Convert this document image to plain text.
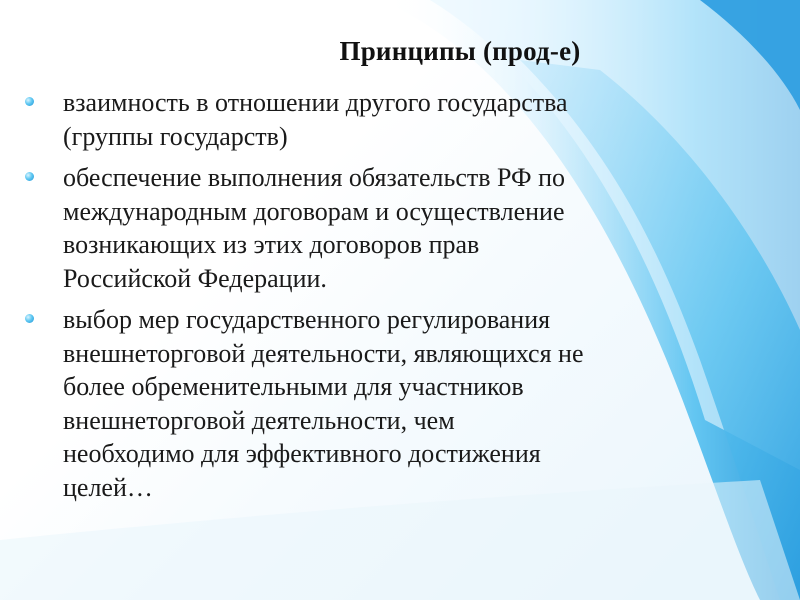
Принципы (прод-е)
взаимность в отношении другого государства
(группы государств)
обеспечение выполнения обязательств РФ по
международным договорам и осуществление
возникающих из этих договоров прав
Российской Федерации.
выбор мер государственного регулирования
внешнеторговой деятельности, являющихся не
более обременительными для участников
внешнеторговой деятельности, чем
необходимо для эффективного достижения
целей…
